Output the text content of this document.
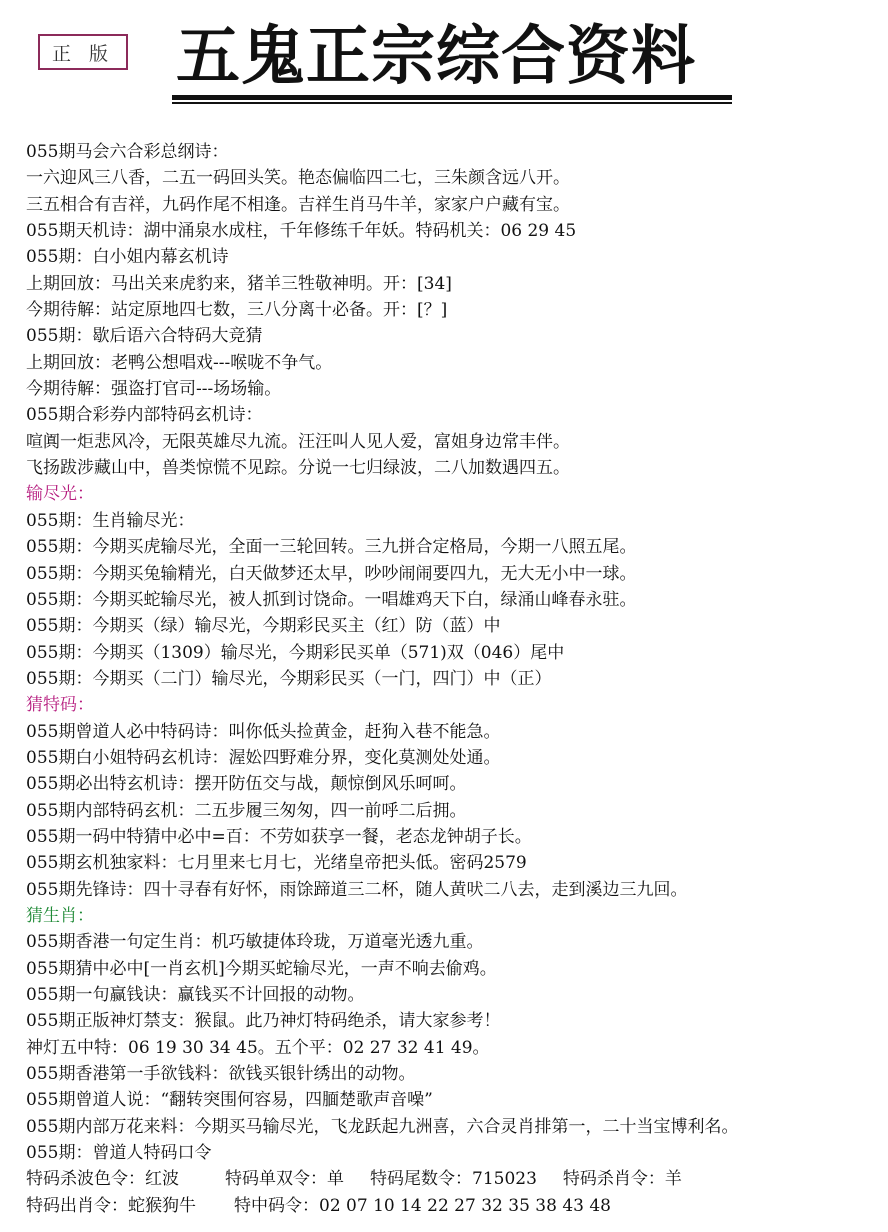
正 版 五鬼正宗综合资料
055期马会六合彩总纲诗：
一六迎风三八香，二五一码回头笑。艳态偏临四二七，三朱颜含远八开。
三五相合有吉祥，九码作尾不相逢。吉祥生肖马牛羊，家家户户藏有宝。
055期天机诗：湖中涌泉水成柱，千年修练千年妖。特码机关：06 29 45
055期：白小姐内幕玄机诗
上期回放：马出关来虎豹来，猪羊三牲敬神明。开：[34]
今期待解：站定原地四七数，三八分离十必备。开：[？]
055期：歇后语六合特码大竞猜
上期回放：老鸭公想唱戏---喉咙不争气。
今期待解：强盗打官司---场场输。
055期合彩券内部特码玄机诗：
喧阗一炬悲风冷，无限英雄尽九流。汪汪叫人见人爱，富姐身边常丰伴。
飞扬跋涉藏山中，兽类惊慌不见踪。分说一七归绿波，二八加数遇四五。
输尽光：
055期：生肖输尽光：
055期：今期买虎输尽光，全面一三轮回转。三九拼合定格局，今期一八照五尾。
055期：今期买兔输精光，白天做梦还太早，吵吵闹闹要四九，无大无小中一球。
055期：今期买蛇输尽光，被人抓到讨饶命。一唱雄鸡天下白，绿涌山峰春永驻。
055期：今期买（绿）输尽光，今期彩民买主（红）防（蓝）中
055期：今期买（1309）输尽光，今期彩民买单（571)双（046）尾中
055期：今期买（二门）输尽光，今期彩民买（一门，四门）中（正）
猜特码：
055期曾道人必中特码诗：叫你低头捡黄金，赶狗入巷不能急。
055期白小姐特码玄机诗：渥妐四野难分界，变化莫测处处通。
055期必出特玄机诗：摆开防伍交与战，颠惊倒风乐呵呵。
055期内部特码玄机：二五步履三匆匆，四一前呼二后拥。
055期一码中特猜中必中=百：不劳如获享一餐，老态龙钟胡子长。
055期玄机独家料：七月里来七月七，光绪皇帝把头低。密码2579
055期先锋诗：四十寻春有好怀，雨馀蹄道三二杯，随人黄吠二八去，走到溪边三九回。
猜生肖：
055期香港一句定生肖：机巧敏捷体玲珑，万道毫光透九重。
055期猜中必中[一肖玄机]今期买蛇输尽光，一声不响去偷鸡。
055期一句赢钱诀：赢钱买不计回报的动物。
055期正版神灯禁支：猴鼠。此乃神灯特码绝杀，请大家参考！
神灯五中特：06 19 30 34 45。五个平：02 27 32 41 49。
055期香港第一手欲钱料：欲钱买银针绣出的动物。
055期曾道人说：“翻转突围何容易，四腼楚歌声音噪”
055期内部万花来料：今期买马输尽光，飞龙跃起九洲喜，六合灵肖排第一，二十当宝博利名。
055期：曾道人特码口令
特码杀波色令：红波	特码单双令：单 特码尾数令：715023 特码杀肖令：羊
特码出肖令：蛇猴狗牛 特中码令：02 07 10 14 22 27 32 35 38 43 48
